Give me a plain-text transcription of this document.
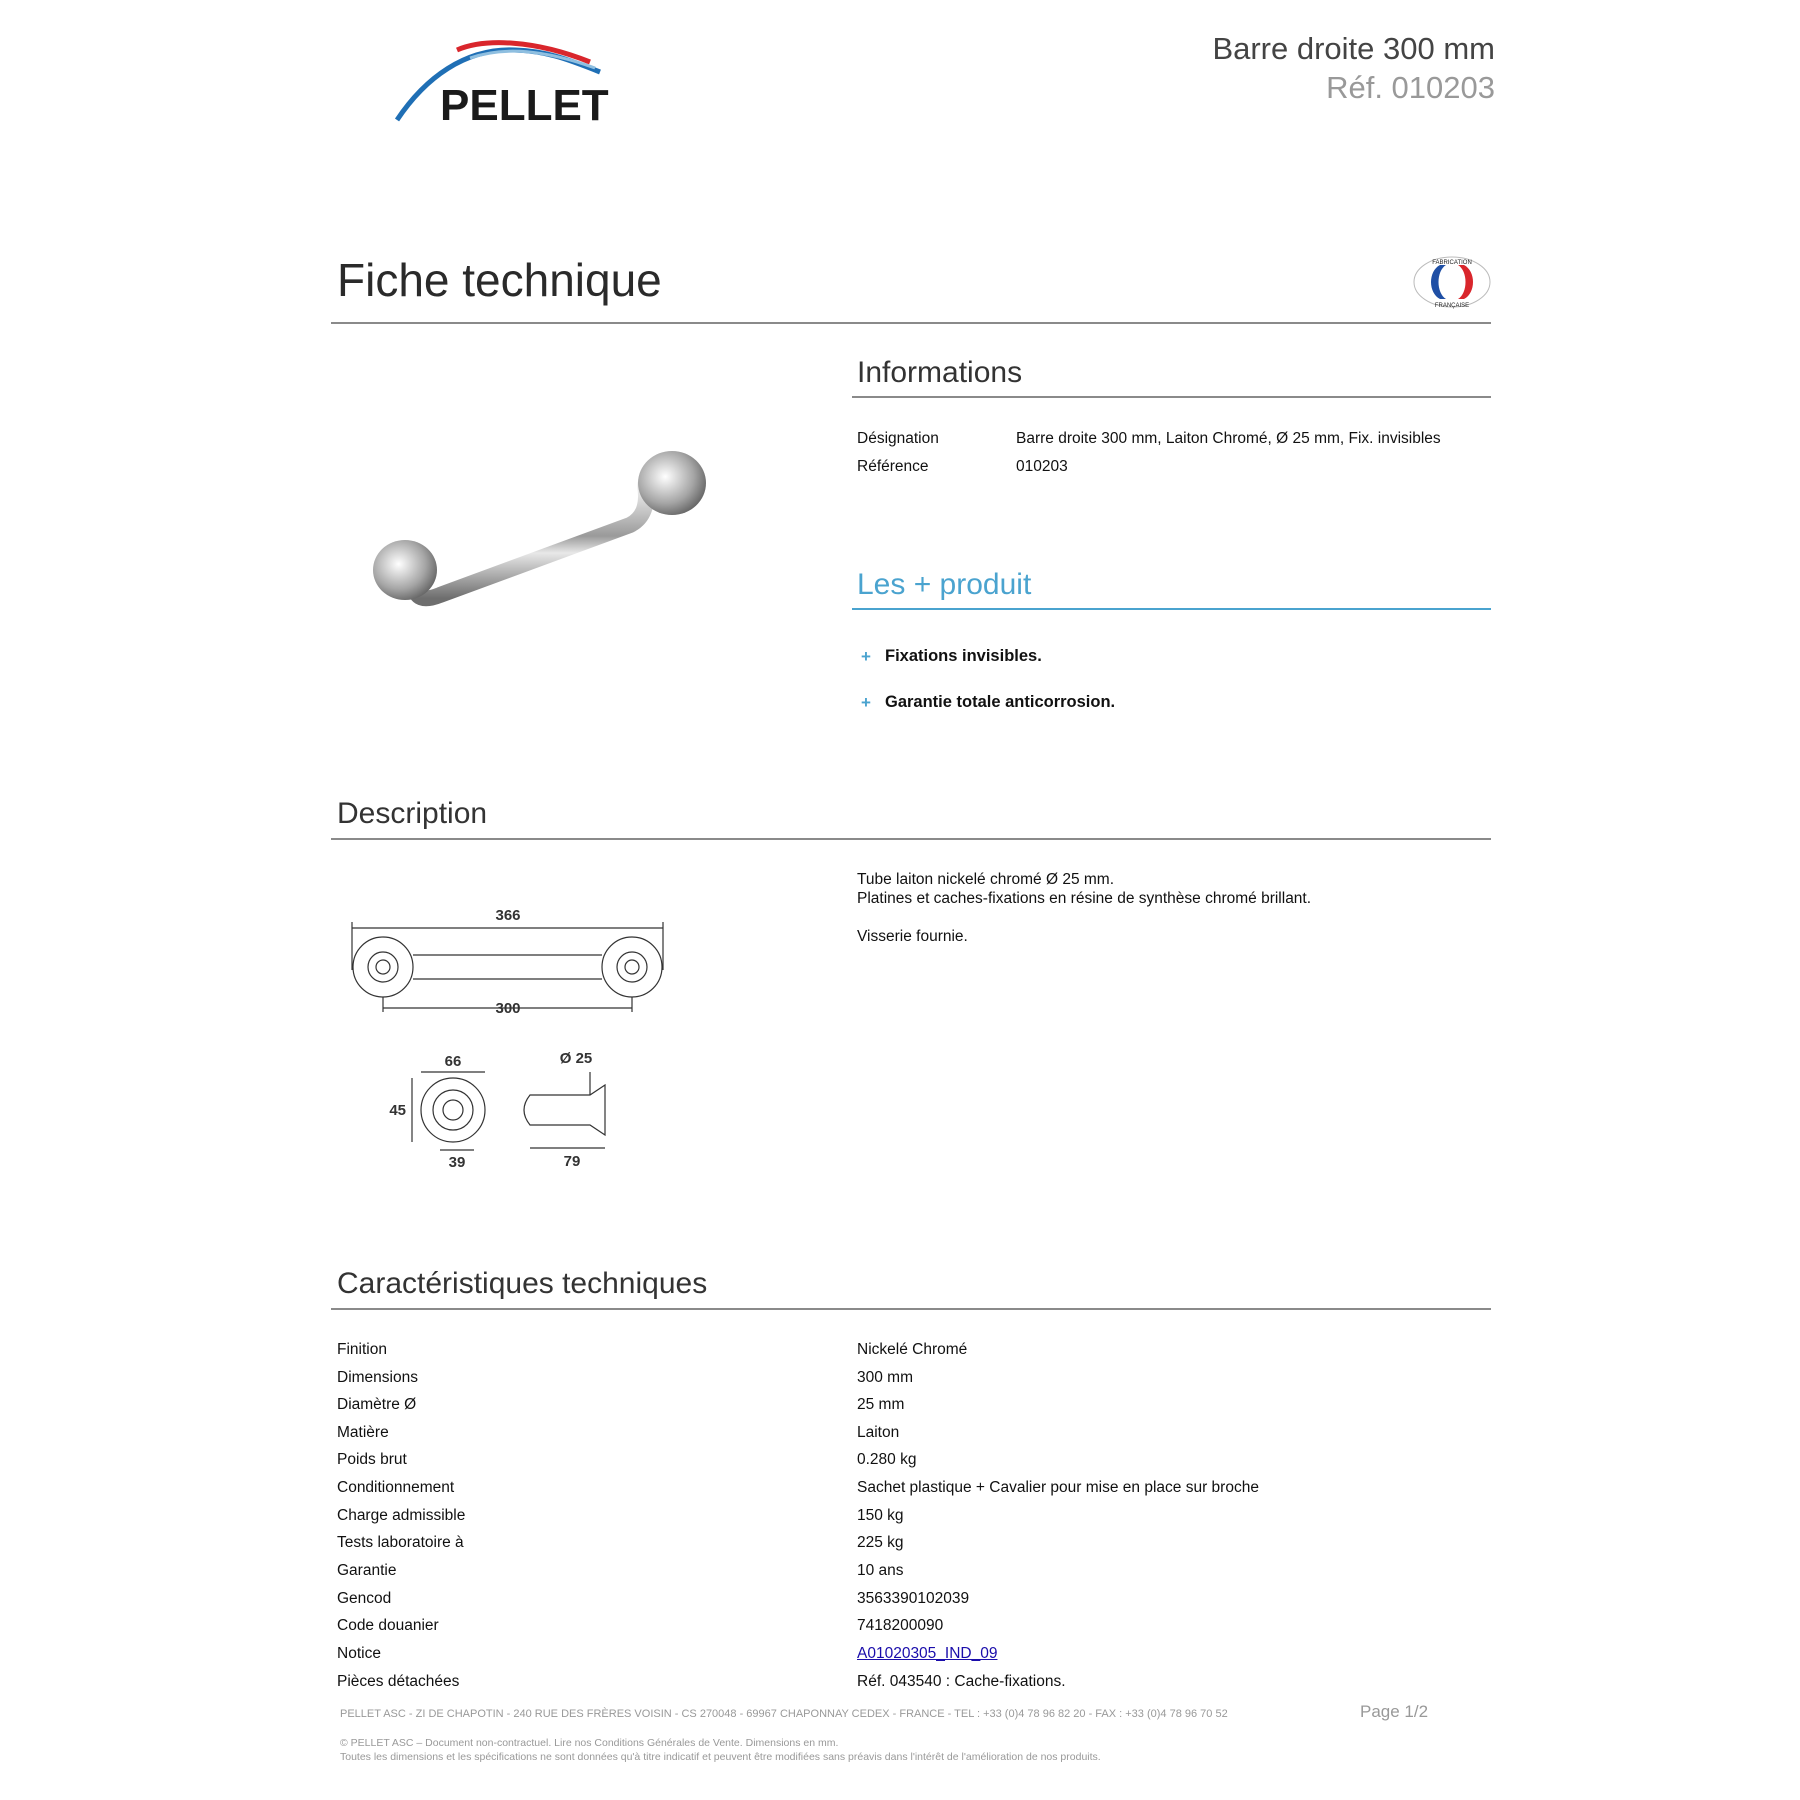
PELLET
Barre droite 300 mm
Réf. 010203
Fiche technique	FABRICATION
FRANÇAISE
Informations
Désignation	Barre droite 300 mm, Laiton Chromé, Ø 25 mm, Fix. invisibles
Référence	010203
Les + produit
+ Fixations invisibles.
+ Garantie totale anticorrosion.
Description
Tube laiton nickelé chromé Ø 25 mm.
Platines et caches-fixations en résine de synthèse chromé brillant.
Visserie fournie.
366
300
66
45
39
Ø 25
79
Caractéristiques techniques
Finition	Nickelé Chromé
Dimensions	300 mm
Diamètre Ø	25 mm
Matière	Laiton
Poids brut	0.280 kg
Conditionnement	Sachet plastique + Cavalier pour mise en place sur broche
Charge admissible	150 kg
Tests laboratoire à	225 kg
Garantie	10 ans
Gencod	3563390102039
Code douanier	7418200090
Notice	A01020305_IND_09
Pièces détachées	Réf. 043540 : Cache-fixations.
PELLET ASC - ZI DE CHAPOTIN - 240 RUE DES FRÈRES VOISIN - CS 270048 - 69967 CHAPONNAY CEDEX - FRANCE - TEL : +33 (0)4 78 96 82 20 - FAX : +33 (0)4 78 96 70 52	Page 1/2
© PELLET ASC – Document non-contractuel. Lire nos Conditions Générales de Vente. Dimensions en mm.
Toutes les dimensions et les spécifications ne sont données qu'à titre indicatif et peuvent être modifiées sans préavis dans l'intérêt de l'amélioration de nos produits.
